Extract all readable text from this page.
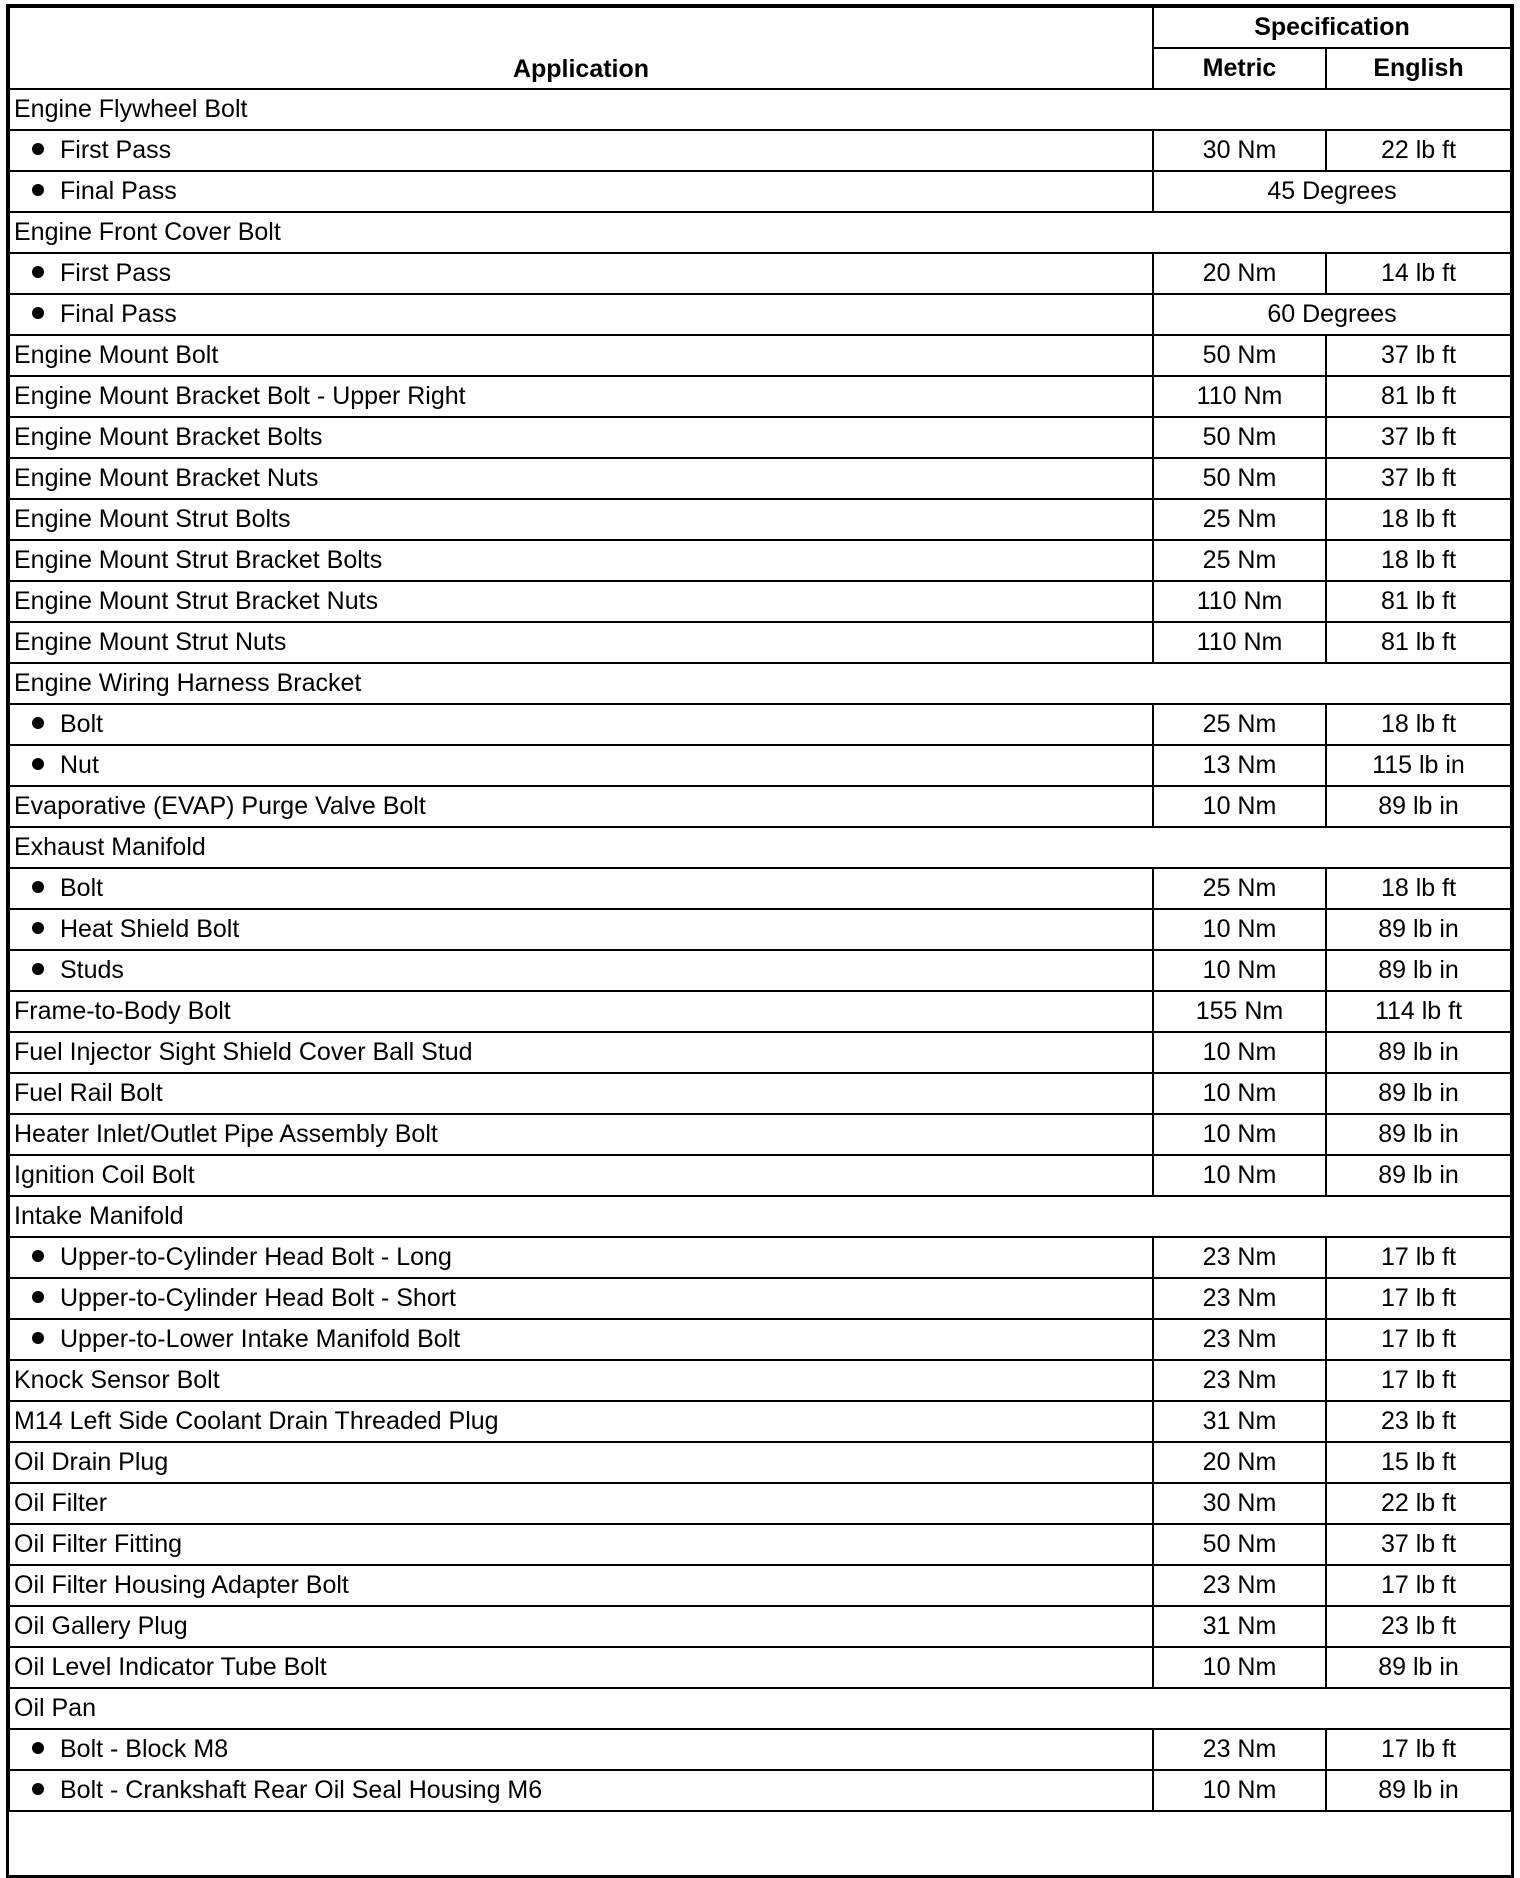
Application	Specification	
	Metric	English
Engine Flywheel Bolt		
First Pass	30 Nm	22 lb ft
Final Pass	45 Degrees	
Engine Front Cover Bolt		
First Pass	20 Nm	14 lb ft
Final Pass	60 Degrees	
Engine Mount Bolt	50 Nm	37 lb ft
Engine Mount Bracket Bolt - Upper Right	110 Nm	81 lb ft
Engine Mount Bracket Bolts	50 Nm	37 lb ft
Engine Mount Bracket Nuts	50 Nm	37 lb ft
Engine Mount Strut Bolts	25 Nm	18 lb ft
Engine Mount Strut Bracket Bolts	25 Nm	18 lb ft
Engine Mount Strut Bracket Nuts	110 Nm	81 lb ft
Engine Mount Strut Nuts	110 Nm	81 lb ft
Engine Wiring Harness Bracket		
Bolt	25 Nm	18 lb ft
Nut	13 Nm	115 lb in
Evaporative (EVAP) Purge Valve Bolt	10 Nm	89 lb in
Exhaust Manifold		
Bolt	25 Nm	18 lb ft
Heat Shield Bolt	10 Nm	89 lb in
Studs	10 Nm	89 lb in
Frame-to-Body Bolt	155 Nm	114 lb ft
Fuel Injector Sight Shield Cover Ball Stud	10 Nm	89 lb in
Fuel Rail Bolt	10 Nm	89 lb in
Heater Inlet/Outlet Pipe Assembly Bolt	10 Nm	89 lb in
Ignition Coil Bolt	10 Nm	89 lb in
Intake Manifold		
Upper-to-Cylinder Head Bolt - Long	23 Nm	17 lb ft
Upper-to-Cylinder Head Bolt - Short	23 Nm	17 lb ft
Upper-to-Lower Intake Manifold Bolt	23 Nm	17 lb ft
Knock Sensor Bolt	23 Nm	17 lb ft
M14 Left Side Coolant Drain Threaded Plug	31 Nm	23 lb ft
Oil Drain Plug	20 Nm	15 lb ft
Oil Filter	30 Nm	22 lb ft
Oil Filter Fitting	50 Nm	37 lb ft
Oil Filter Housing Adapter Bolt	23 Nm	17 lb ft
Oil Gallery Plug	31 Nm	23 lb ft
Oil Level Indicator Tube Bolt	10 Nm	89 lb in
Oil Pan		
Bolt - Block M8	23 Nm	17 lb ft
Bolt - Crankshaft Rear Oil Seal Housing M6	10 Nm	89 lb in
